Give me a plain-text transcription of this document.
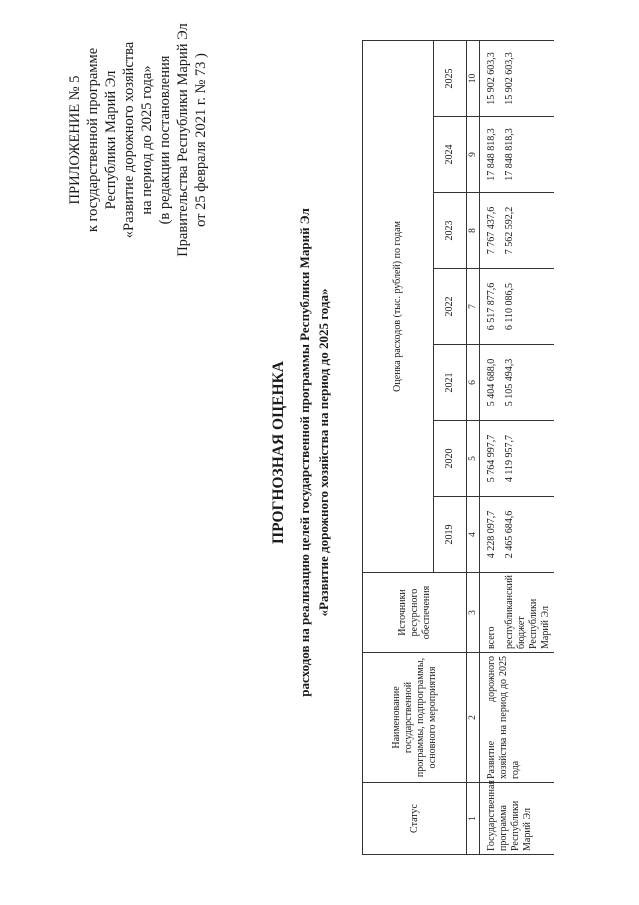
ПРИЛОЖЕНИЕ № 5 к государственной программе Республики Марий Эл «Развитие дорожного хозяйства на период до 2025 года» (в редакции постановления Правительства Республики Марий Эл от 25 февраля 2021 г. № 73 )
ПРОГНОЗНАЯ ОЦЕНКА расходов на реализацию целей государственной программы Республики Марий Эл «Развитие дорожного хозяйства на период до 2025 года»
Статус	Наименование государственной программы, подпрограммы, основного мероприятия	Источники ресурсного обеспечения	Оценка расходов (тыс. рублей) по годам						
			2019	2020	2021	2022	2023	2024	2025
1	2	3	4	5	6	7	8	9	10
Государственная программа Республики Марий Эл	Развитие дорожного хозяйства на период до 2025 года	всего	4 228 097,7	5 764 997,7	5 404 688,0	6 517 877,6	7 767 437,6	17 848 818,3	15 902 603,3
		республиканский бюджет Республики Марий Эл	2 465 684,6	4 119 957,7	5 105 494,3	6 110 086,5	7 562 592,2	17 848 818,3	15 902 603,3
